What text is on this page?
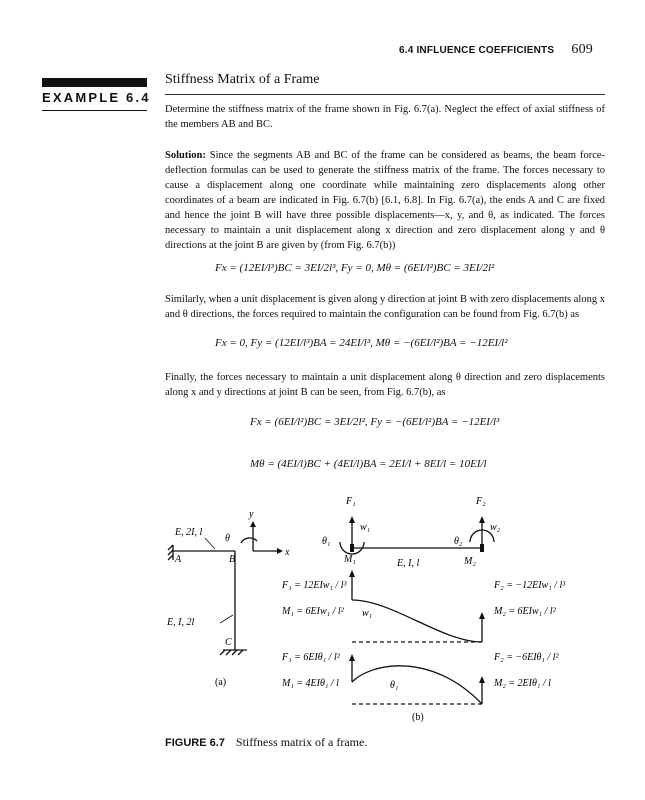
6.4 INFLUENCE COEFFICIENTS 609
EXAMPLE 6.4
Stiffness Matrix of a Frame
Determine the stiffness matrix of the frame shown in Fig. 6.7(a). Neglect the effect of axial stiffness of the members AB and BC.
Solution: Since the segments AB and BC of the frame can be considered as beams, the beam force-deflection formulas can be used to generate the stiffness matrix of the frame. The forces necessary to cause a displacement along one coordinate while maintaining zero displacements along other coordinates of a beam are indicated in Fig. 6.7(b) [6.1, 6.8]. In Fig. 6.7(a), the ends A and C are fixed and hence the joint B will have three possible displacements—x, y, and θ, as indicated. The forces necessary to maintain a unit displacement along x direction and zero displacement along y and θ directions at the joint B are given by (from Fig. 6.7(b))
Fx = (12EI/l³)BC = 3EI/2l³, Fy = 0, Mθ = (6EI/l²)BC = 3EI/2l²
Similarly, when a unit displacement is given along y direction at joint B with zero displacements along x and θ directions, the forces required to maintain the configuration can be found from Fig. 6.7(b) as
Fx = 0, Fy = (12EI/l³)BA = 24EI/l³, Mθ = −(6EI/l²)BA = −12EI/l²
Finally, the forces necessary to maintain a unit displacement along θ direction and zero displacements along x and y directions at joint B can be seen, from Fig. 6.7(b), as
Fx = (6EI/l²)BC = 3EI/2l², Fy = −(6EI/l²)BA = −12EI/l³
Mθ = (4EI/l)BC + (4EI/l)BA = 2EI/l + 8EI/l = 10EI/l
E, 2I, l
E, I, 2l
A	B
C
θ
x
y
(a)
F₁	F₂
M₁	M₂
w₁	w₂
θ₁	θ₂
E, I, l
F₁ = 12EIw₁ / l³
M₁ = 6EIw₁ / l²
F₂ = −12EIw₁ / l³
M₂ = 6EIw₁ / l²
w₁
F₁ = 6EIθ₁ / l²
M₁ = 4EIθ₁ / l
F₂ = −6EIθ₁ / l²
M₂ = 2EIθ₁ / l
θ₁
(b)
FIGURE 6.7 Stiffness matrix of a frame.
